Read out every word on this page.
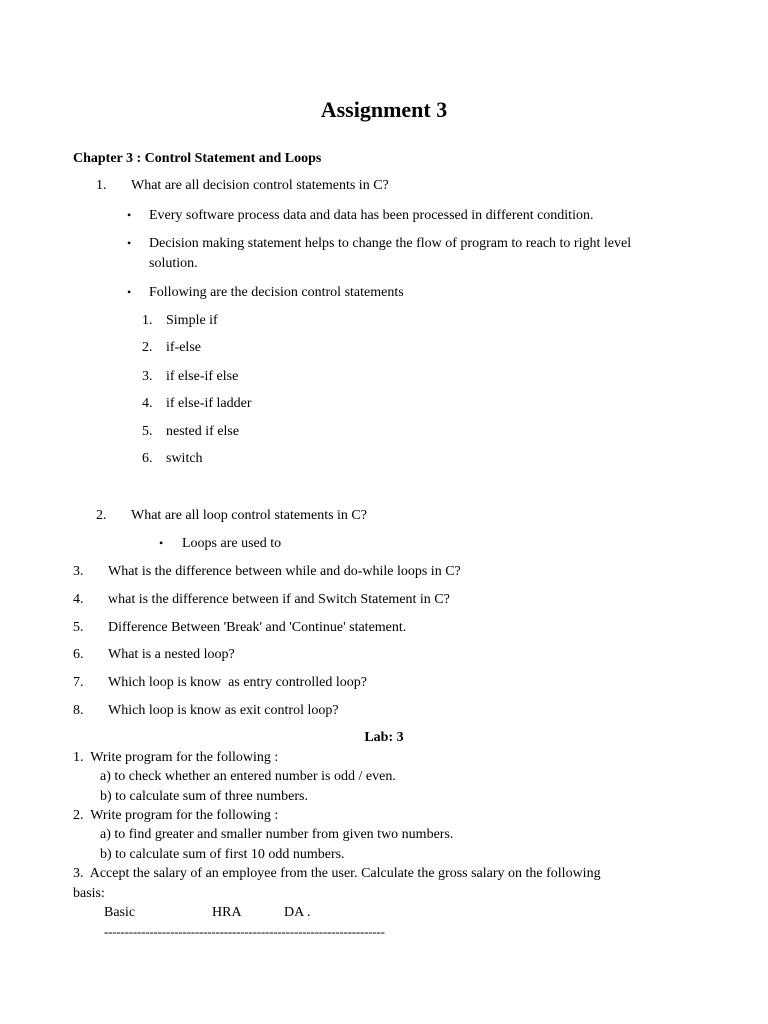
Assignment 3
Chapter 3 : Control Statement and Loops
1. What are all decision control statements in C?
• Every software process data and data has been processed in different condition.
• Decision making statement helps to change the flow of program to reach to right level
solution.
• Following are the decision control statements
1. Simple if
2. if-else
3. if else-if else
4. if else-if ladder
5. nested if else
6. switch
2. What are all loop control statements in C?
• Loops are used to
3. What is the difference between while and do-while loops in C?
4. what is the difference between if and Switch Statement in C?
5. Difference Between 'Break' and 'Continue' statement.
6. What is a nested loop?
7. Which loop is know  as entry controlled loop?
8. Which loop is know as exit control loop?
Lab: 3
1.  Write program for the following :
a) to check whether an entered number is odd / even.
b) to calculate sum of three numbers.
2.  Write program for the following :
a) to find greater and smaller number from given two numbers.
b) to calculate sum of first 10 odd numbers.
3.  Accept the salary of an employee from the user. Calculate the gross salary on the following
basis:
Basic	HRA	DA .
--------------------------------------------------------------------
